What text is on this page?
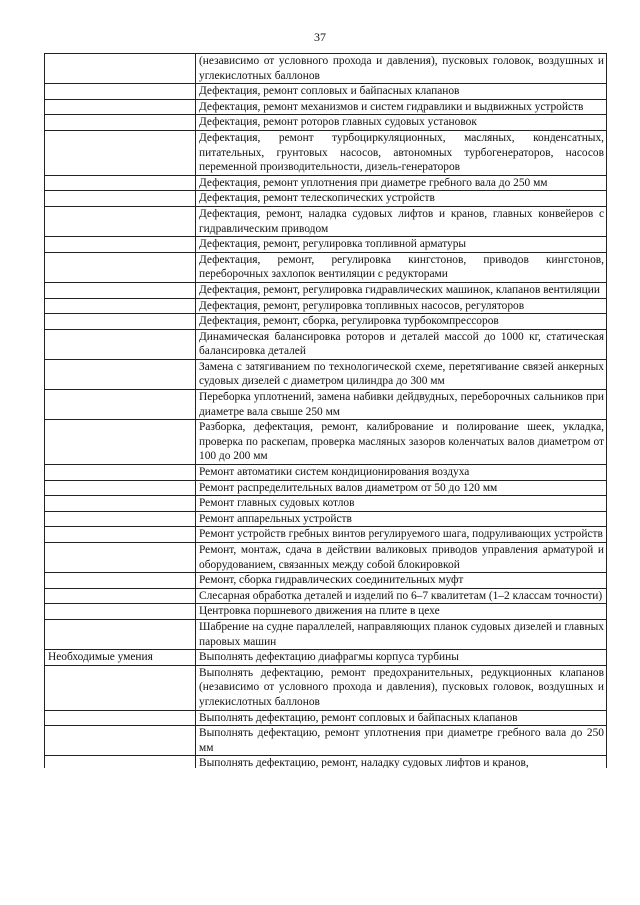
37
	(независимо от условного прохода и давления), пусковых головок, воздушных и углекислотных баллонов
	Дефектация, ремонт сопловых и байпасных клапанов
	Дефектация, ремонт механизмов и систем гидравлики и выдвижных устройств
	Дефектация, ремонт роторов главных судовых установок
	Дефектация, ремонт турбоциркуляционных, масляных, конденсатных, питательных, грунтовых насосов, автономных турбогенераторов, насосов переменной производительности, дизель-генераторов
	Дефектация, ремонт уплотнения при диаметре гребного вала до 250 мм
	Дефектация, ремонт телескопических устройств
	Дефектация, ремонт, наладка судовых лифтов и кранов, главных конвейеров с гидравлическим приводом
	Дефектация, ремонт, регулировка топливной арматуры
	Дефектация, ремонт, регулировка кингстонов, приводов кингстонов, переборочных захлопок вентиляции с редукторами
	Дефектация, ремонт, регулировка гидравлических машинок, клапанов вентиляции
	Дефектация, ремонт, регулировка топливных насосов, регуляторов
	Дефектация, ремонт, сборка, регулировка турбокомпрессоров
	Динамическая балансировка роторов и деталей массой до 1000 кг, статическая балансировка деталей
	Замена с затягиванием по технологической схеме, перетягивание связей анкерных судовых дизелей с диаметром цилиндра до 300 мм
	Переборка уплотнений, замена набивки дейдвудных, переборочных сальников при диаметре вала свыше 250 мм
	Разборка, дефектация, ремонт, калибрование и полирование шеек, укладка, проверка по раскепам, проверка масляных зазоров коленчатых валов диаметром от 100 до 200 мм
	Ремонт автоматики систем кондиционирования воздуха
	Ремонт распределительных валов диаметром от 50 до 120 мм
	Ремонт главных судовых котлов
	Ремонт аппарельных устройств
	Ремонт устройств гребных винтов регулируемого шага, подруливающих устройств
	Ремонт, монтаж, сдача в действии валиковых приводов управления арматурой и оборудованием, связанных между собой блокировкой
	Ремонт, сборка гидравлических соединительных муфт
	Слесарная обработка деталей и изделий по 6–7 квалитетам (1–2 классам точности)
	Центровка поршневого движения на плите в цехе
	Шабрение на судне параллелей, направляющих планок судовых дизелей и главных паровых машин
Необходимые умения	Выполнять дефектацию диафрагмы корпуса турбины
	Выполнять дефектацию, ремонт предохранительных, редукционных клапанов (независимо от условного прохода и давления), пусковых головок, воздушных и углекислотных баллонов
	Выполнять дефектацию, ремонт сопловых и байпасных клапанов
	Выполнять дефектацию, ремонт уплотнения при диаметре гребного вала до 250 мм

	Выполнять дефектацию, ремонт, наладку судовых лифтов и кранов,
